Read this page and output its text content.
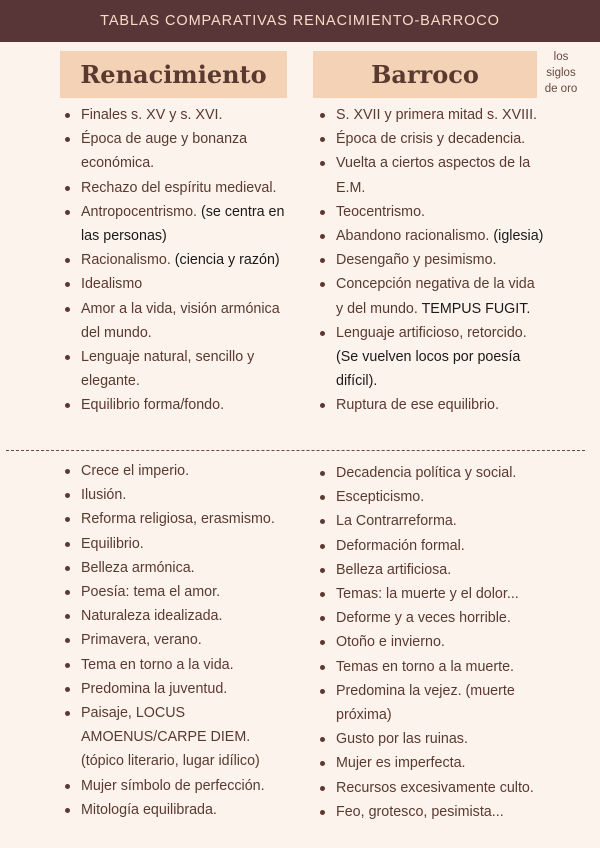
TABLAS COMPARATIVAS RENACIMIENTO-BARROCO
Renacimiento	Barroco
los
siglos
de oro
Finales s. XV y s. XVI.
Época de auge y bonanza económica.
Rechazo del espíritu medieval.
Antropocentrismo. (se centra en las personas)
Racionalismo. (ciencia y razón)
Idealismo
Amor a la vida, visión armónica del mundo.
Lenguaje natural, sencillo y elegante.
Equilibrio forma/fondo.
S. XVII y primera mitad s. XVIII.
Época de crisis y decadencia.
Vuelta a ciertos aspectos de la E.M.
Teocentrismo.
Abandono racionalismo. (iglesia)
Desengaño y pesimismo.
Concepción negativa de la vida y del mundo. TEMPUS FUGIT.
Lenguaje artificioso, retorcido. (Se vuelven locos por poesía difícil).
Ruptura de ese equilibrio.
Crece el imperio.
Ilusión.
Reforma religiosa, erasmismo.
Equilibrio.
Belleza armónica.
Poesía: tema el amor.
Naturaleza idealizada.
Primavera, verano.
Tema en torno a la vida.
Predomina la juventud.
Paisaje, LOCUS AMOENUS/CARPE DIEM. (tópico literario, lugar idílico)
Mujer símbolo de perfección.
Mitología equilibrada.
Decadencia política y social.
Escepticismo.
La Contrarreforma.
Deformación formal.
Belleza artificiosa.
Temas: la muerte y el dolor...
Deforme y a veces horrible.
Otoño e invierno.
Temas en torno a la muerte.
Predomina la vejez. (muerte próxima)
Gusto por las ruinas.
Mujer es imperfecta.
Recursos excesivamente culto.
Feo, grotesco, pesimista...
